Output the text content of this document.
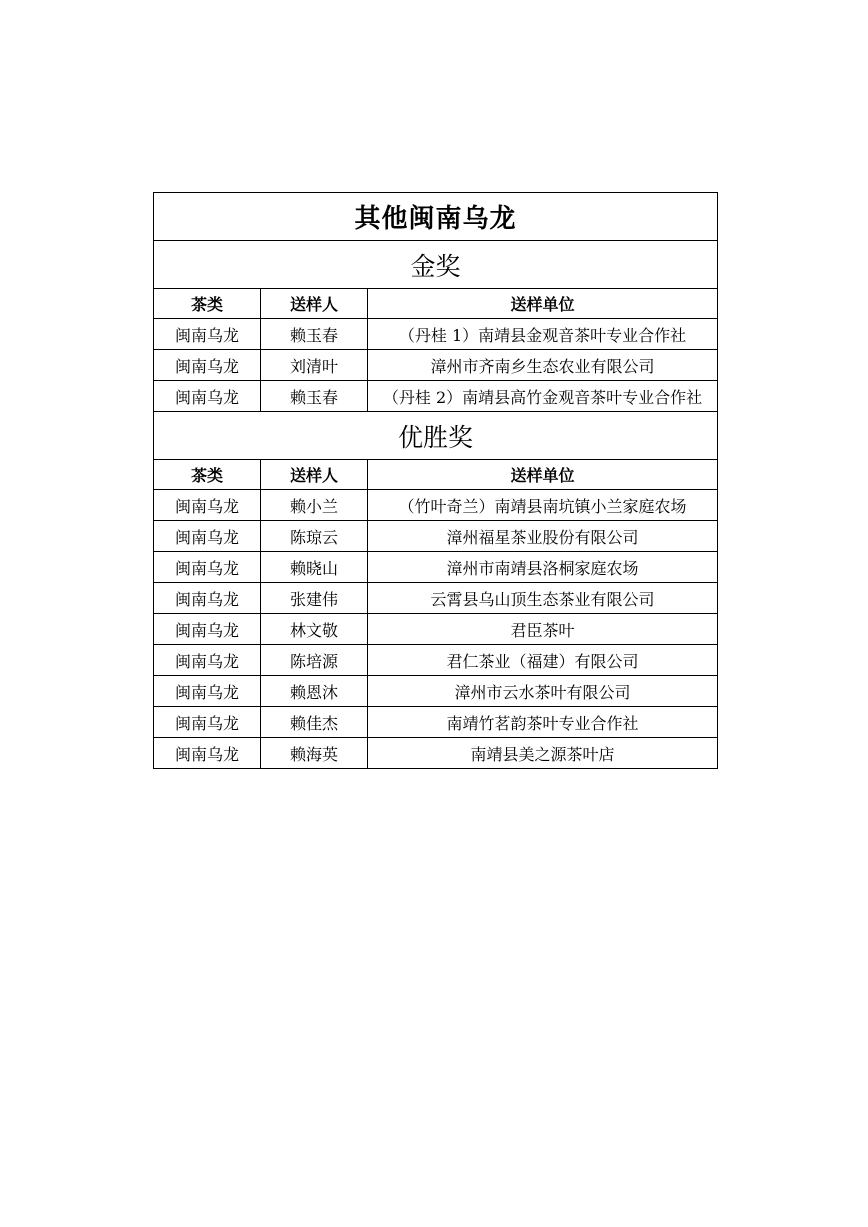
其他闽南乌龙		
金奖		
茶类	送样人	送样单位
闽南乌龙	赖玉春	（丹桂 1）南靖县金观音茶叶专业合作社
闽南乌龙	刘清叶	漳州市齐南乡生态农业有限公司
闽南乌龙	赖玉春	（丹桂 2）南靖县高竹金观音茶叶专业合作社
优胜奖		
茶类	送样人	送样单位
闽南乌龙	赖小兰	（竹叶奇兰）南靖县南坑镇小兰家庭农场
闽南乌龙	陈琼云	漳州福星茶业股份有限公司
闽南乌龙	赖晓山	漳州市南靖县洛桐家庭农场
闽南乌龙	张建伟	云霄县乌山顶生态茶业有限公司
闽南乌龙	林文敬	君臣茶叶
闽南乌龙	陈培源	君仁茶业（福建）有限公司
闽南乌龙	赖恩沐	漳州市云水茶叶有限公司
闽南乌龙	赖佳杰	南靖竹茗韵茶叶专业合作社
闽南乌龙	赖海英	南靖县美之源茶叶店
